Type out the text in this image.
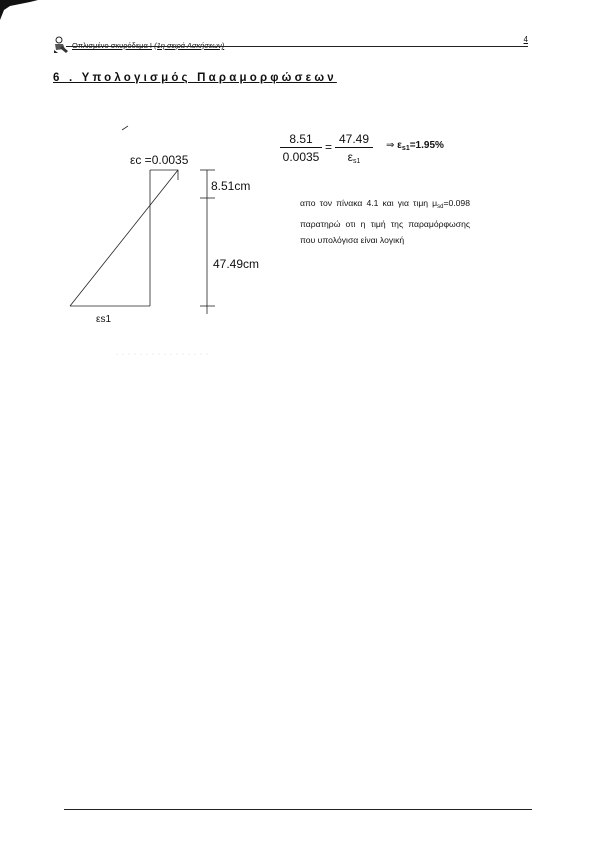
Οπλισμένο σκυρόδεμα Ι (1η σειρά Ασκήσεων)
4
6 . Υπολογισμός Παραμορφώσεων
εc =0.0035
8.51cm
47.49cm
εs1
$\frac{8.51}{0.0035} = \frac{47.49}{\varepsilon_{s1}}$ ⇒ $\varepsilon_{s1}=1.95\%$
απο τον πίνακα 4.1 και για τιμη $\mu_{sd}=0.098$ παρατηρώ οτι η τιμή της παραμόρφωσης που υπολόγισα είναι λογική
